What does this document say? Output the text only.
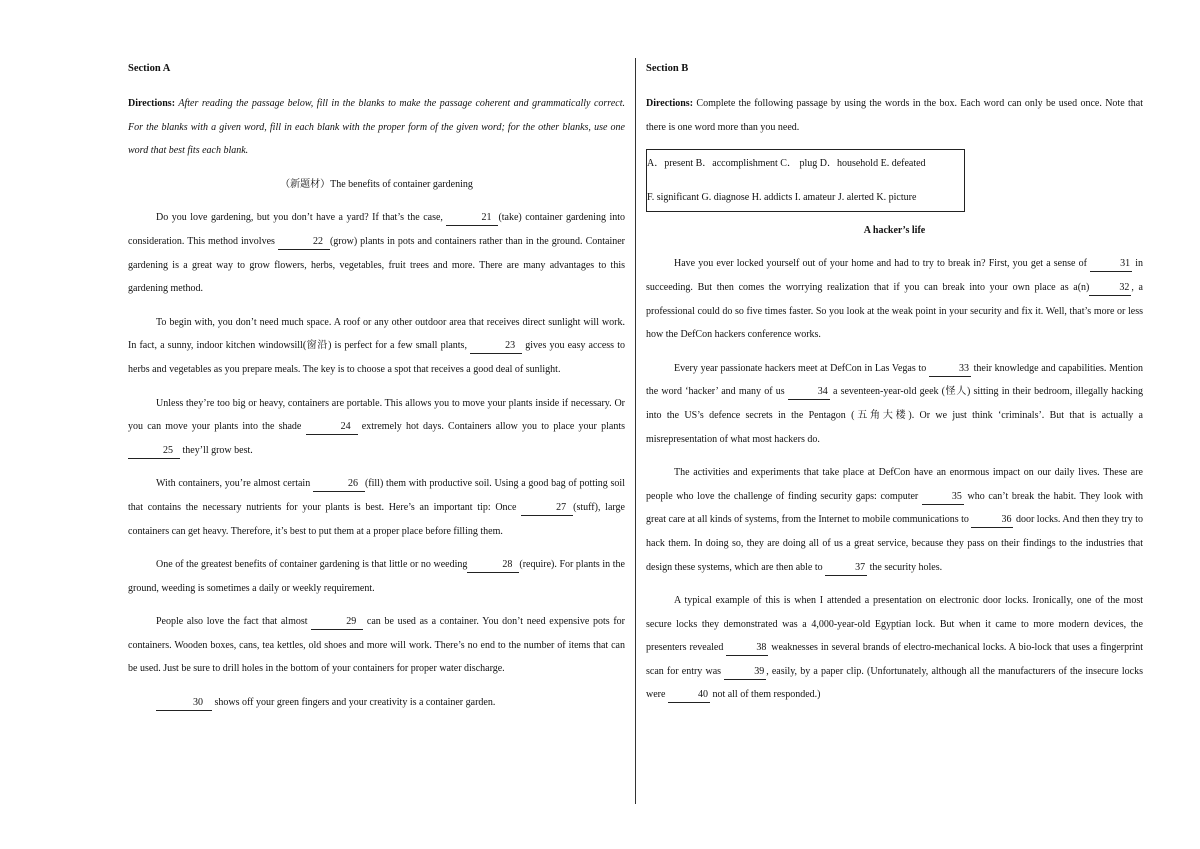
Section A

Directions: After reading the passage below, fill in the blanks to make the passage coherent and grammatically correct. For the blanks with a given word, fill in each blank with the proper form of the given word; for the other blanks, use one word that best fits each blank.

（新题材）The benefits of container gardening

Do you love gardening, but you don’t have a yard? If that’s the case,	21 (take) container gardening into consideration. This method involves	22 (grow) plants in pots and containers rather than in the ground. Container gardening is a great way to grow flowers, herbs, vegetables, fruit trees and more. There are many advantages to this gardening method.

To begin with, you don’t need much space. A roof or any other outdoor area that receives direct sunlight will work. In fact, a sunny, indoor kitchen windowsill(窗沿) is perfect for a few small plants,	23 gives you easy access to herbs and vegetables as you prepare meals. The key is to choose a spot that receives a good deal of sunlight.

Unless they’re too big or heavy, containers are portable. This allows you to move your plants inside if necessary. Or you can move your plants into the shade	24 extremely hot days. Containers allow you to place your plants 25 they’ll grow best.

With containers, you’re almost certain	26 (fill) them with productive soil. Using a good bag of potting soil that contains the necessary nutrients for your plants is best. Here’s an important tip: Once	27 (stuff), large containers can get heavy. Therefore, it’s best to put them at a proper place before filling them.

One of the greatest benefits of container gardening is that little or no weeding	28 (require). For plants in the ground, weeding is sometimes a daily or weekly requirement.

People also love the fact that almost	29 can be used as a container. You don’t need expensive pots for containers. Wooden boxes, cans, tea kettles, old shoes and more will work. There’s no end to the number of items that can be used. Just be sure to drill holes in the bottom of your containers for proper water discharge.

30 shows off your green fingers and your creativity is a container garden.

Section B

Directions: Complete the following passage by using the words in the box. Each word can only be used once. Note that there is one word more than you need.

A．present B．accomplishment C． plug D．household E. defeated

F. significant G. diagnose H. addicts I. amateur J. alerted K. picture

A hacker’s life

Have you ever locked yourself out of your home and had to try to break in? First, you get a sense of	31 in succeeding. But then comes the worrying realization that if you can break into your own place as a(n)	32 , a professional could do so five times faster. So you look at the weak point in your security and fix it. Well, that’s more or less how the DefCon hackers conference works.

Every year passionate hackers meet at DefCon in Las Vegas to	33 their knowledge and capabilities. Mention the word ‘hacker’ and many of us	34 a seventeen-year-old geek (怪人) sitting in their bedroom, illegally hacking into the US’s defence secrets in the Pentagon (五角大楼). Or we just think ‘criminals’. But that is actually a misrepresentation of what most hackers do.

The activities and experiments that take place at DefCon have an enormous impact on our daily lives. These are people who love the challenge of finding security gaps: computer	35 who can’t break the habit. They look with great care at all kinds of systems, from the Internet to mobile communications to	36 door locks. And then they try to hack them. In doing so, they are doing all of us a great service, because they pass on their findings to the industries that design these systems, which are then able to	37 the security holes.

A typical example of this is when I attended a presentation on electronic door locks. Ironically, one of the most secure locks they demonstrated was a 4,000-year-old Egyptian lock. But when it came to more modern devices, the presenters revealed	38 weaknesses in several brands of electro-mechanical locks. A bio-lock that uses a fingerprint scan for entry was	39 , easily, by a paper clip. (Unfortunately, although all the manufacturers of the insecure locks were	40 not all of them responded.)
